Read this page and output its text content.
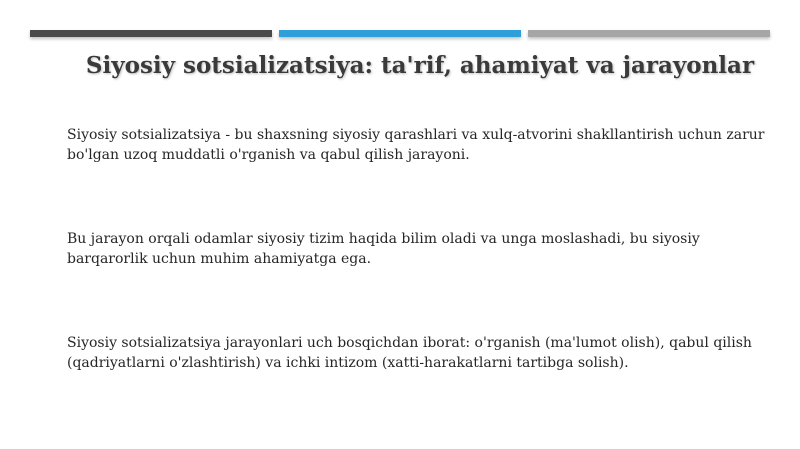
Siyosiy sotsializatsiya: ta'rif, ahamiyat va jarayonlar

Siyosiy sotsializatsiya - bu shaxsning siyosiy qarashlari va xulq-atvorini shakllantirish uchun zarur bo'lgan uzoq muddatli o'rganish va qabul qilish jarayoni.

Bu jarayon orqali odamlar siyosiy tizim haqida bilim oladi va unga moslashadi, bu siyosiy barqarorlik uchun muhim ahamiyatga ega.

Siyosiy sotsializatsiya jarayonlari uch bosqichdan iborat: o'rganish (ma'lumot olish), qabul qilish (qadriyatlarni o'zlashtirish) va ichki intizom (xatti-harakatlarni tartibga solish).
